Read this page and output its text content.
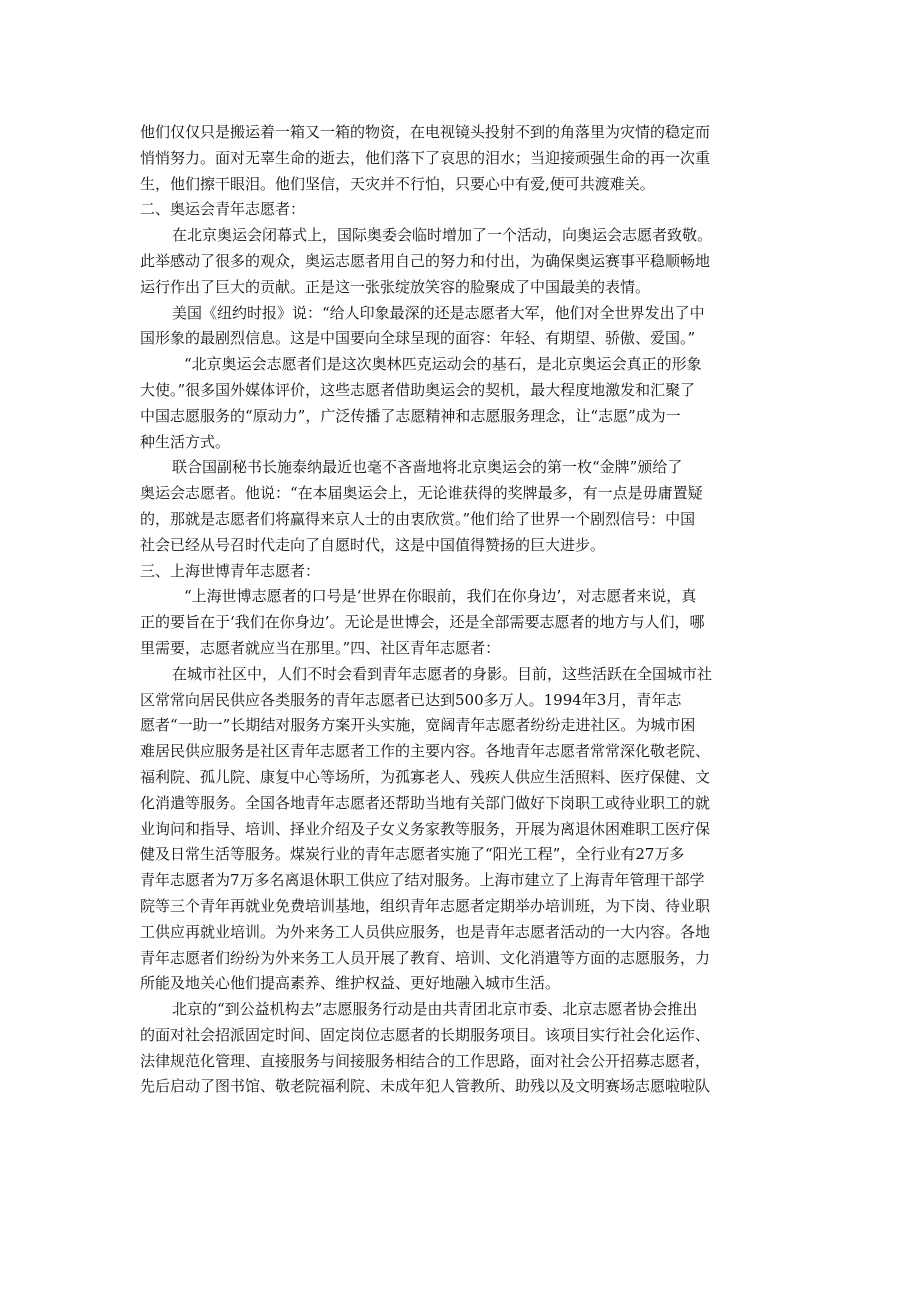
他们仅仅只是搬运着一箱又一箱的物资，在电视镜头投射不到的角落里为灾情的稳定而
悄悄努力。面对无辜生命的逝去，他们落下了哀思的泪水；当迎接顽强生命的再一次重
生，他们擦干眼泪。他们坚信，天灾并不行怕，只要心中有爱,便可共渡难关。
二、奥运会青年志愿者：
在北京奥运会闭幕式上，国际奥委会临时增加了一个活动，向奥运会志愿者致敬。
此举感动了很多的观众，奥运志愿者用自己的努力和付出，为确保奥运赛事平稳顺畅地
运行作出了巨大的贡献。正是这一张张绽放笑容的脸聚成了中国最美的表情。
美国《纽约时报》说：“给人印象最深的还是志愿者大军，他们对全世界发出了中
国形象的最剧烈信息。这是中国要向全球呈现的面容：年轻、有期望、骄傲、爱国。”
“北京奥运会志愿者们是这次奥林匹克运动会的基石，是北京奥运会真正的形象
大使。”很多国外媒体评价，这些志愿者借助奥运会的契机，最大程度地激发和汇聚了
中国志愿服务的“原动力”，广泛传播了志愿精神和志愿服务理念，让“志愿”成为一
种生活方式。
联合国副秘书长施泰纳最近也毫不吝啬地将北京奥运会的第一枚“金牌”颁给了
奥运会志愿者。他说：“在本届奥运会上，无论谁获得的奖牌最多，有一点是毋庸置疑
的，那就是志愿者们将赢得来京人士的由衷欣赏。”他们给了世界一个剧烈信号：中国
社会已经从号召时代走向了自愿时代，这是中国值得赞扬的巨大进步。
三、上海世博青年志愿者：
“上海世博志愿者的口号是‘世界在你眼前，我们在你身边’，对志愿者来说，真
正的要旨在于‘我们在你身边’。无论是世博会，还是全部需要志愿者的地方与人们，哪
里需要，志愿者就应当在那里。”四、社区青年志愿者：
在城市社区中，人们不时会看到青年志愿者的身影。目前，这些活跃在全国城市社
区常常向居民供应各类服务的青年志愿者已达到500多万人。1994年3月，青年志
愿者“一助一”长期结对服务方案开头实施，宽阔青年志愿者纷纷走进社区。为城市困
难居民供应服务是社区青年志愿者工作的主要内容。各地青年志愿者常常深化敬老院、
福利院、孤儿院、康复中心等场所，为孤寡老人、残疾人供应生活照料、医疗保健、文
化消遣等服务。全国各地青年志愿者还帮助当地有关部门做好下岗职工或待业职工的就
业询问和指导、培训、择业介绍及子女义务家教等服务，开展为离退休困难职工医疗保
健及日常生活等服务。煤炭行业的青年志愿者实施了“阳光工程”，全行业有27万多
青年志愿者为7万多名离退休职工供应了结对服务。上海市建立了上海青年管理干部学
院等三个青年再就业免费培训基地，组织青年志愿者定期举办培训班，为下岗、待业职
工供应再就业培训。为外来务工人员供应服务，也是青年志愿者活动的一大内容。各地
青年志愿者们纷纷为外来务工人员开展了教育、培训、文化消遣等方面的志愿服务，力
所能及地关心他们提高素养、维护权益、更好地融入城市生活。
北京的“到公益机构去”志愿服务行动是由共青团北京市委、北京志愿者协会推出
的面对社会招派固定时间、固定岗位志愿者的长期服务项目。该项目实行社会化运作、
法律规范化管理、直接服务与间接服务相结合的工作思路，面对社会公开招募志愿者，
先后启动了图书馆、敬老院福利院、未成年犯人管教所、助残以及文明赛场志愿啦啦队
